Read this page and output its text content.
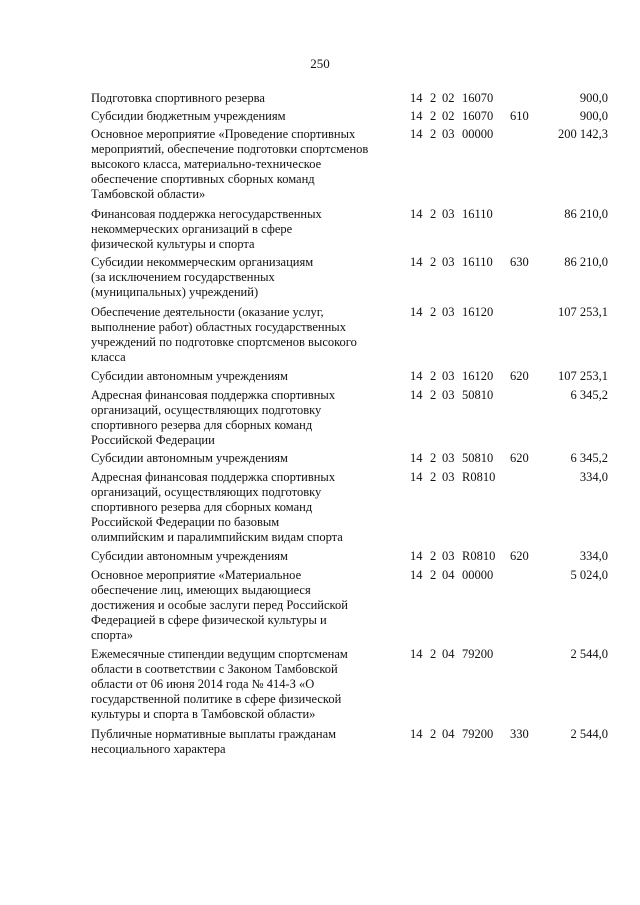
250
Подготовка спортивного резерва	14 2 02 16070	900,0
Субсидии бюджетным учреждениям	14 2 02 16070	610	900,0
Основное мероприятие «Проведение спортивных
мероприятий, обеспечение подготовки спортсменов
высокого класса, материально-техническое
обеспечение спортивных сборных команд
Тамбовской области»
14 2 03 00000	200 142,3
Финансовая поддержка негосударственных
некоммерческих организаций в сфере
физической культуры и спорта
14 2 03 16110	86 210,0
Субсидии некоммерческим организациям
(за исключением государственных
(муниципальных) учреждений)
14 2 03 16110	630	86 210,0
Обеспечение деятельности (оказание услуг,
выполнение работ) областных государственных
учреждений по подготовке спортсменов высокого
класса
14 2 03 16120	107 253,1
Субсидии автономным учреждениям	14 2 03 16120	620	107 253,1
Адресная финансовая поддержка спортивных
организаций, осуществляющих подготовку
спортивного резерва для сборных команд
Российской Федерации
14 2 03 50810	6 345,2
Субсидии автономным учреждениям	14 2 03 50810	620	6 345,2
Адресная финансовая поддержка спортивных
организаций, осуществляющих подготовку
спортивного резерва для сборных команд
Российской Федерации по базовым
олимпийским и паралимпийским видам спорта
14 2 03 R0810	334,0
Субсидии автономным учреждениям	14 2 03 R0810	620	334,0
Основное мероприятие «Материальное
обеспечение лиц, имеющих выдающиеся
достижения и особые заслуги перед Российской
Федерацией в сфере физической культуры и
спорта»
14 2 04 00000	5 024,0
Ежемесячные стипендии ведущим спортсменам
области в соответствии с Законом Тамбовской
области от 06 июня 2014 года № 414-З «О
государственной политике в сфере физической
культуры и спорта в Тамбовской области»
14 2 04 79200	2 544,0
Публичные нормативные выплаты гражданам
несоциального характера
14 2 04 79200	330	2 544,0
